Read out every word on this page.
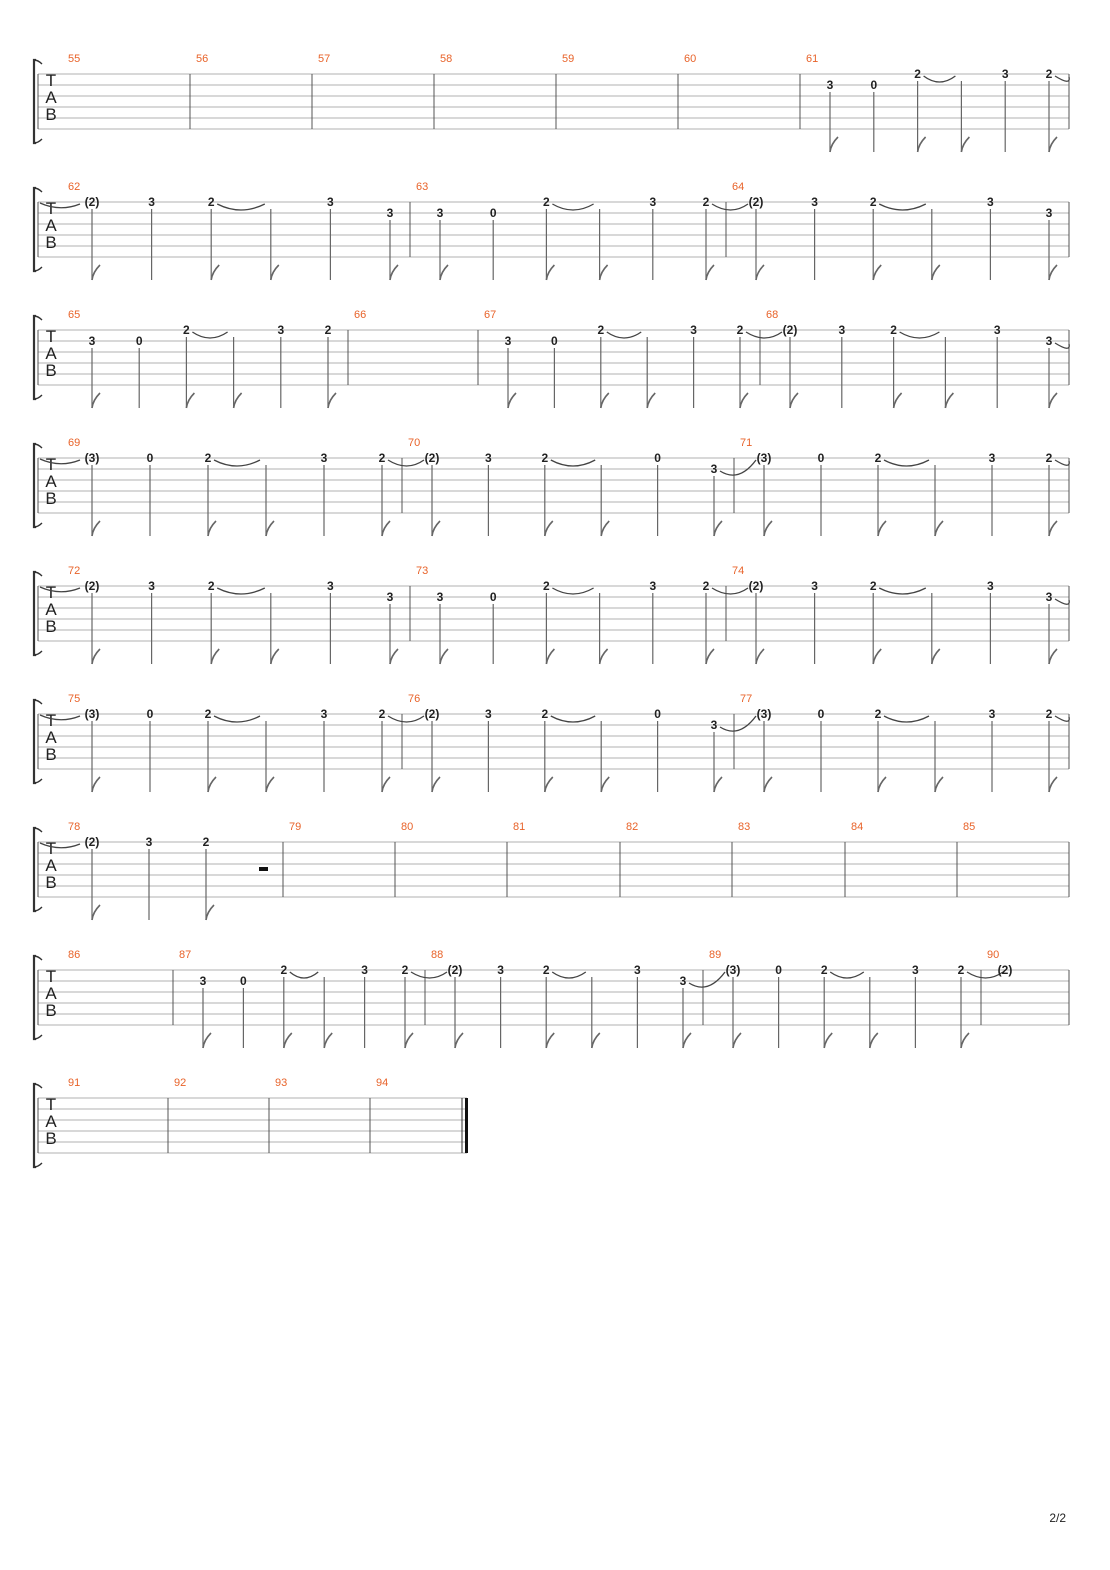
T
A
B
55	56	57	58	59	60	61
3	0
2	3	2
T
A
B
62
(2)	3	2	3
3
63
3	0
2	3	2
64
(2)	3	2	3
3
T
A
B
65
3	0
2	3	2
66	67
3	0
2	3	2
68
(2)	3	2	3
3
T
A
B
69
(3)	0	2	3	2
70
(2)	3	2	0
3
71
(3)	0	2	3	2
T
A
B
72
(2)	3	2	3
3
73
3	0
2	3	2
74
(2)	3	2	3
3
T
A
B
75
(3)	0	2	3	2
76
(2)	3	2	0
3
77
(3)	0	2	3	2
T
A
B
78
(2)	3	2
79	80	81	82	83	84	85
T
A
B
86	87
3	0
2	3	2
88
(2)	3	2	3
3
89
(3)	0	2	3	2
90
(2)
T
A
B
91	92	93	94
2/2
